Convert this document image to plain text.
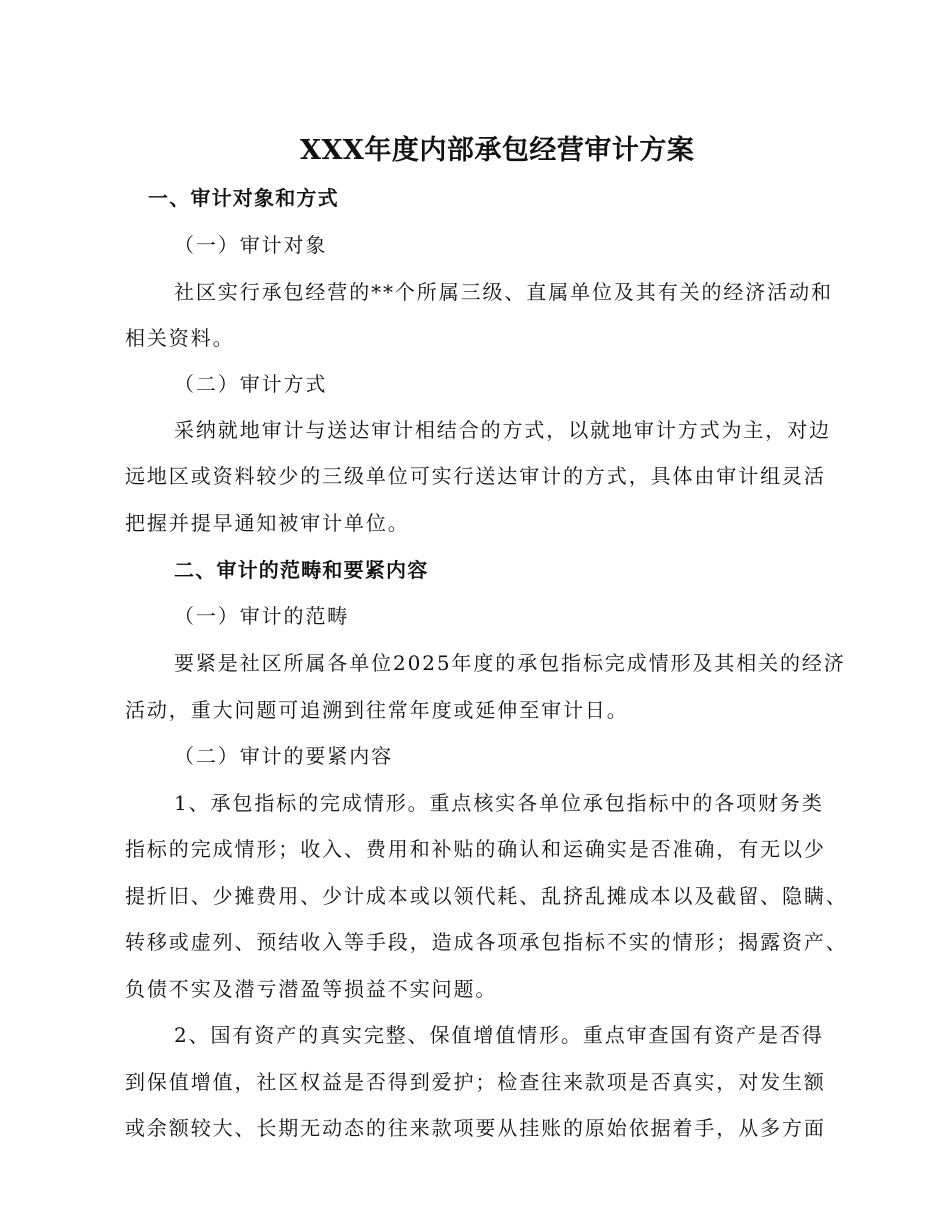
XXX年度内部承包经营审计方案
一、审计对象和方式
（一）审计对象
社区实行承包经营的**个所属三级、直属单位及其有关的经济活动和
相关资料。
（二）审计方式
采纳就地审计与送达审计相结合的方式，以就地审计方式为主，对边
远地区或资料较少的三级单位可实行送达审计的方式，具体由审计组灵活
把握并提早通知被审计单位。
二、审计的范畴和要紧内容
（一）审计的范畴
要紧是社区所属各单位2025年度的承包指标完成情形及其相关的经济
活动，重大问题可追溯到往常年度或延伸至审计日。
（二）审计的要紧内容
1、承包指标的完成情形。重点核实各单位承包指标中的各项财务类
指标的完成情形；收入、费用和补贴的确认和运确实是否准确，有无以少
提折旧、少摊费用、少计成本或以领代耗、乱挤乱摊成本以及截留、隐瞒、
转移或虚列、预结收入等手段，造成各项承包指标不实的情形；揭露资产、
负债不实及潜亏潜盈等损益不实问题。
2、国有资产的真实完整、保值增值情形。重点审查国有资产是否得
到保值增值，社区权益是否得到爱护；检查往来款项是否真实，对发生额
或余额较大、长期无动态的往来款项要从挂账的原始依据着手，从多方面
